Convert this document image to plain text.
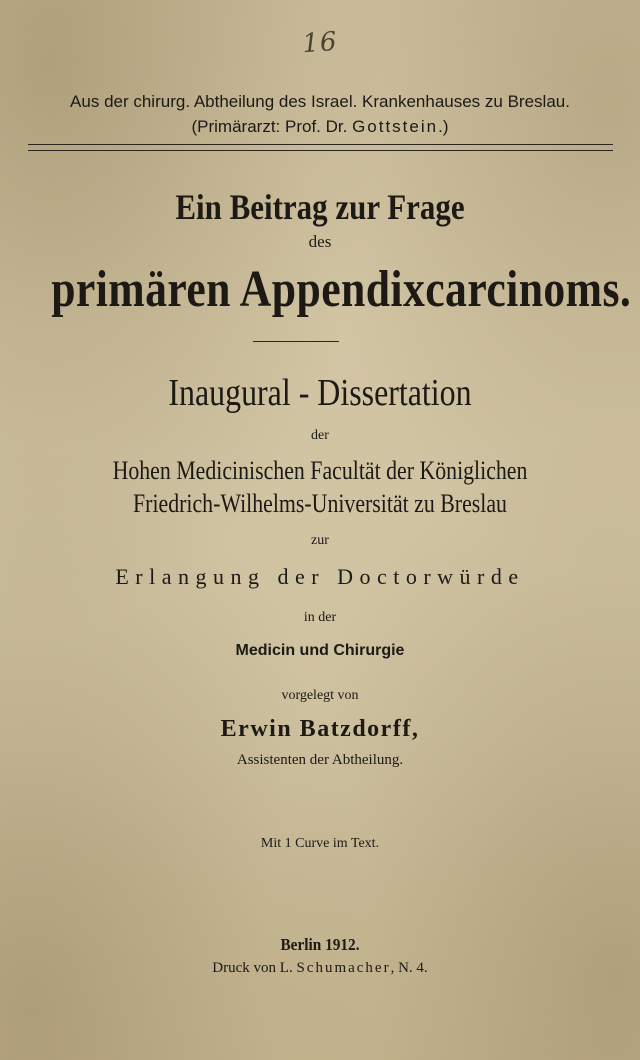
16
Aus der chirurg. Abtheilung des Israel. Krankenhauses zu Breslau.
(Primärarzt: Prof. Dr. Gottstein.)
Ein Beitrag zur Frage
des
primären Appendixcarcinoms.
Inaugural - Dissertation
der
Hohen Medicinischen Facultät der Königlichen
Friedrich-Wilhelms-Universität zu Breslau
zur
Erlangung der Doctorwürde
in der
Medicin und Chirurgie
vorgelegt von
Erwin Batzdorff,
Assistenten der Abtheilung.
Mit 1 Curve im Text.
Berlin 1912.
Druck von L. Schumacher, N. 4.
